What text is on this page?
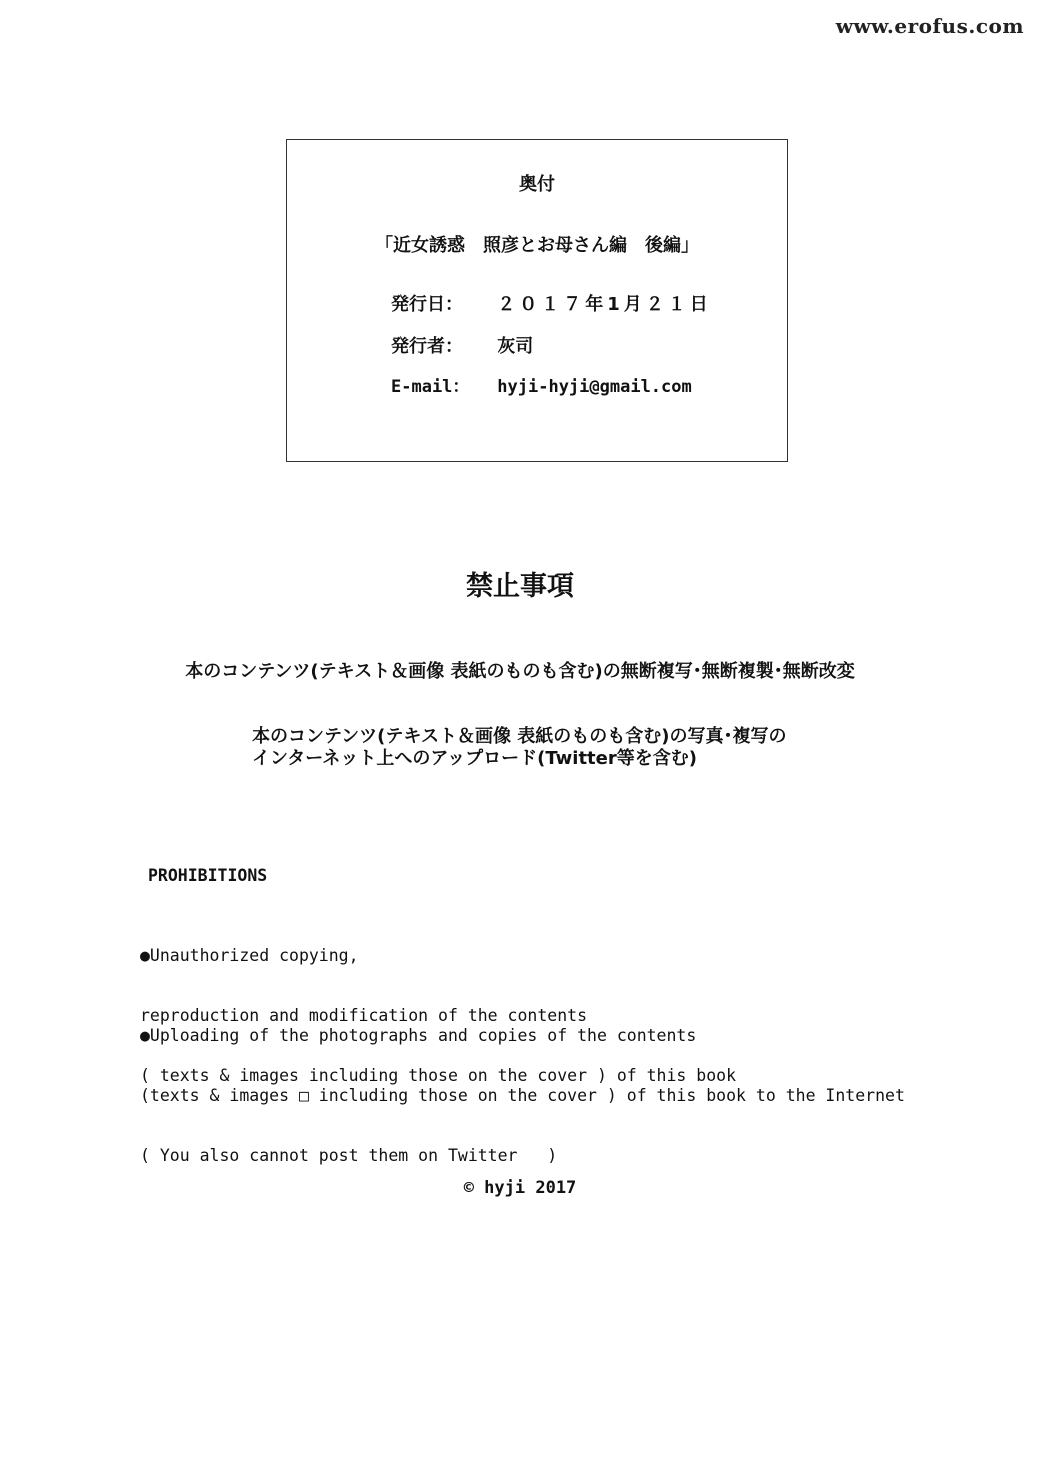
www.erofus.com
奥付
「近女誘惑　照彦とお母さん編　後編」
発行日： ２０１７年1月２１日
発行者： 灰司
E-mail： hyji-hyji@gmail.com
禁止事項
本のコンテンツ(テキスト＆画像 表紙のものも含む)の無断複写･無断複製･無断改変
本のコンテンツ(テキスト＆画像 表紙のものも含む)の写真･複写の
インターネット上へのアップロード(Twitter等を含む)
PROHIBITIONS

●Unauthorized copying,

reproduction and modification of the contents

( texts & images including those on the cover ) of this book

●Uploading of the photographs and copies of the contents

(texts & images □ including those on the cover ) of this book to the Internet

( You also cannot post them on Twitter   )

© hyji 2017
